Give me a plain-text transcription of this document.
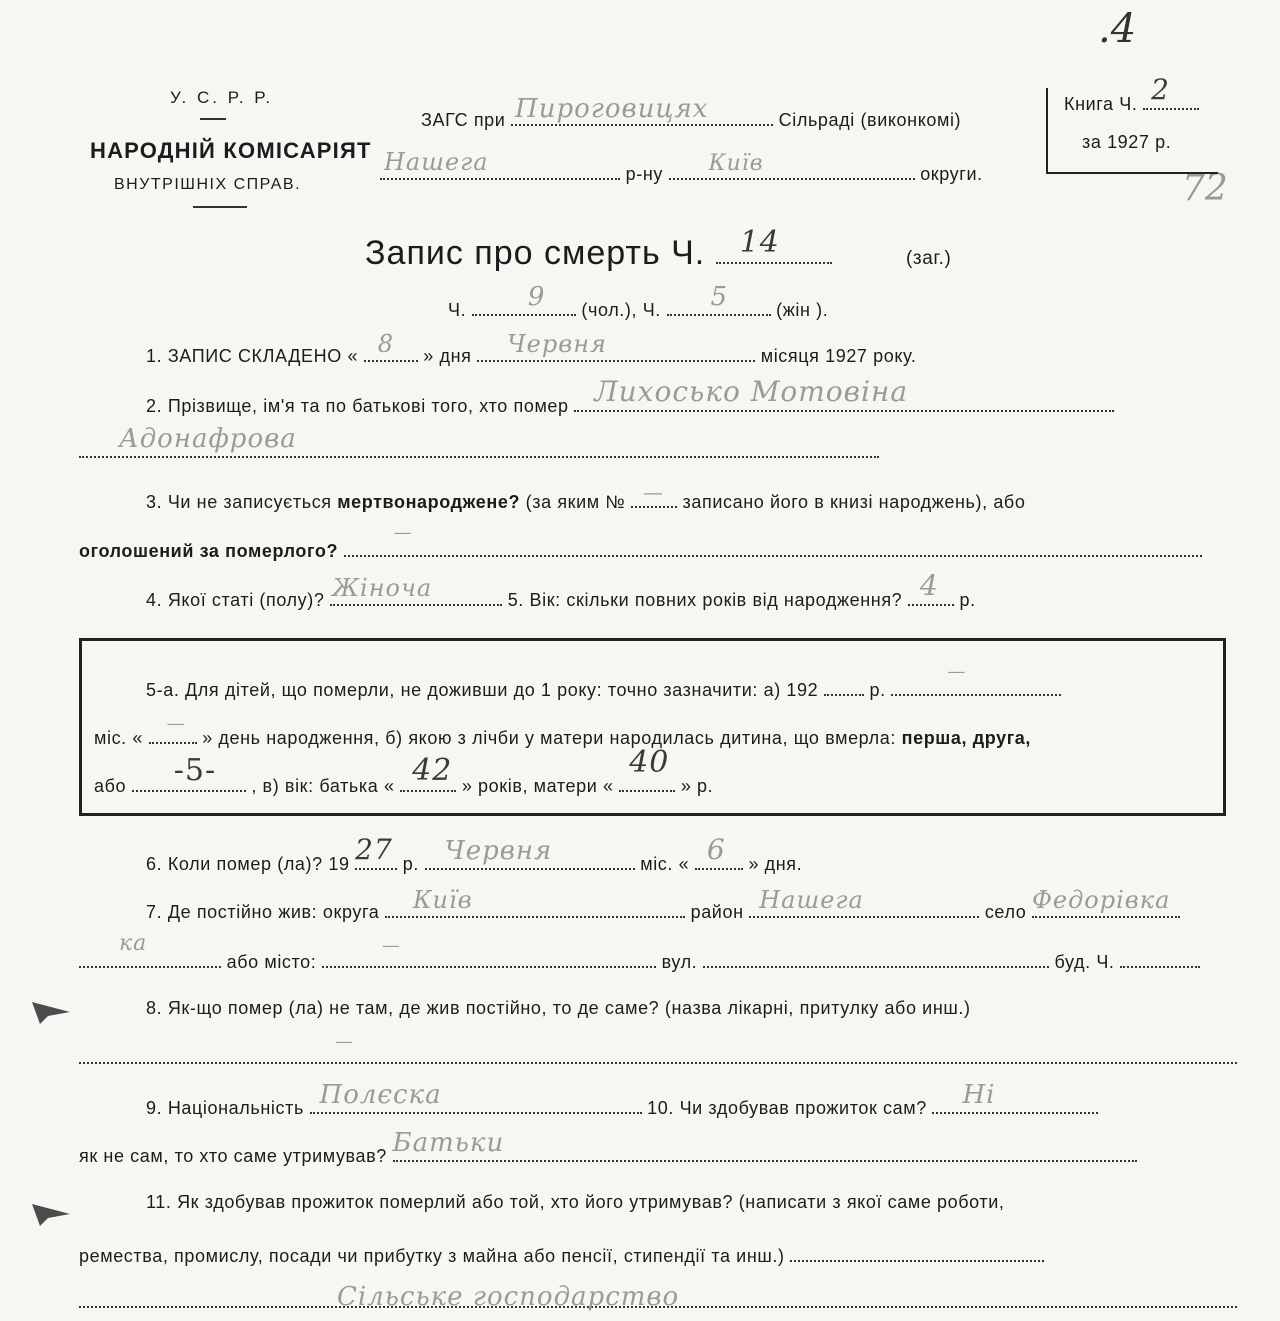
.4
72
У. С. Р. Р.
НАРОДНІЙ КОМІСАРІЯТ
ВНУТРІШНІХ СПРАВ.
ЗАГС при Пироговицях	Сільраді (виконкомі)
Нашега	р-ну Київ	округи.
Книга Ч. 2
за 1927 р.
Запис про смерть Ч. 14	(заг.)
Ч. 9 (чол.), Ч. 5	(жін ).
1. ЗАПИС СКЛАДЕНО « 8 » дня Червня	місяця 1927 року.
2. Прізвище, ім'я та по батькові того, хто помер Лихосько Мотовіна
Адонафрова
3. Чи не записується мертвонароджене? (за яким № — записано його в книзі народжень), або
оголошений за померлого?
—
4. Якої статі (полу)? Жіноча	5. Вік: скільки повних років від народження? 4 р.
5-а. Для дітей, що померли, не доживши до 1 року: точно зазначити: а) 192	р.
—
міс. «
—
» день народження, б) якою з лічби у матери народилась дитина, що вмерла: перша, друга,
або -5- , в) вік: батька « 42 » років, матери «
40
» р.
6. Коли помер (ла)? 19 27 р. Червня	міс. « 6 » дня.
7. Де постійно жив: округа Київ	район Нашега	село Федорівка
ка
або місто:
—
вул.	буд. Ч.
8. Як-що помер (ла) не там, де жив постійно, то де саме? (назва лікарні, притулку або инш.)
—
9. Національність Полєска	10. Чи здобував прожиток сам? Ні
як не сам, то хто саме утримував? Батьки
11. Як здобував прожиток померлий або той, хто його утримував? (написати з якої саме роботи,
ремества, промислу, посади чи прибутку з майна або пенсії, стипендії та инш.)
Сільське господарство
